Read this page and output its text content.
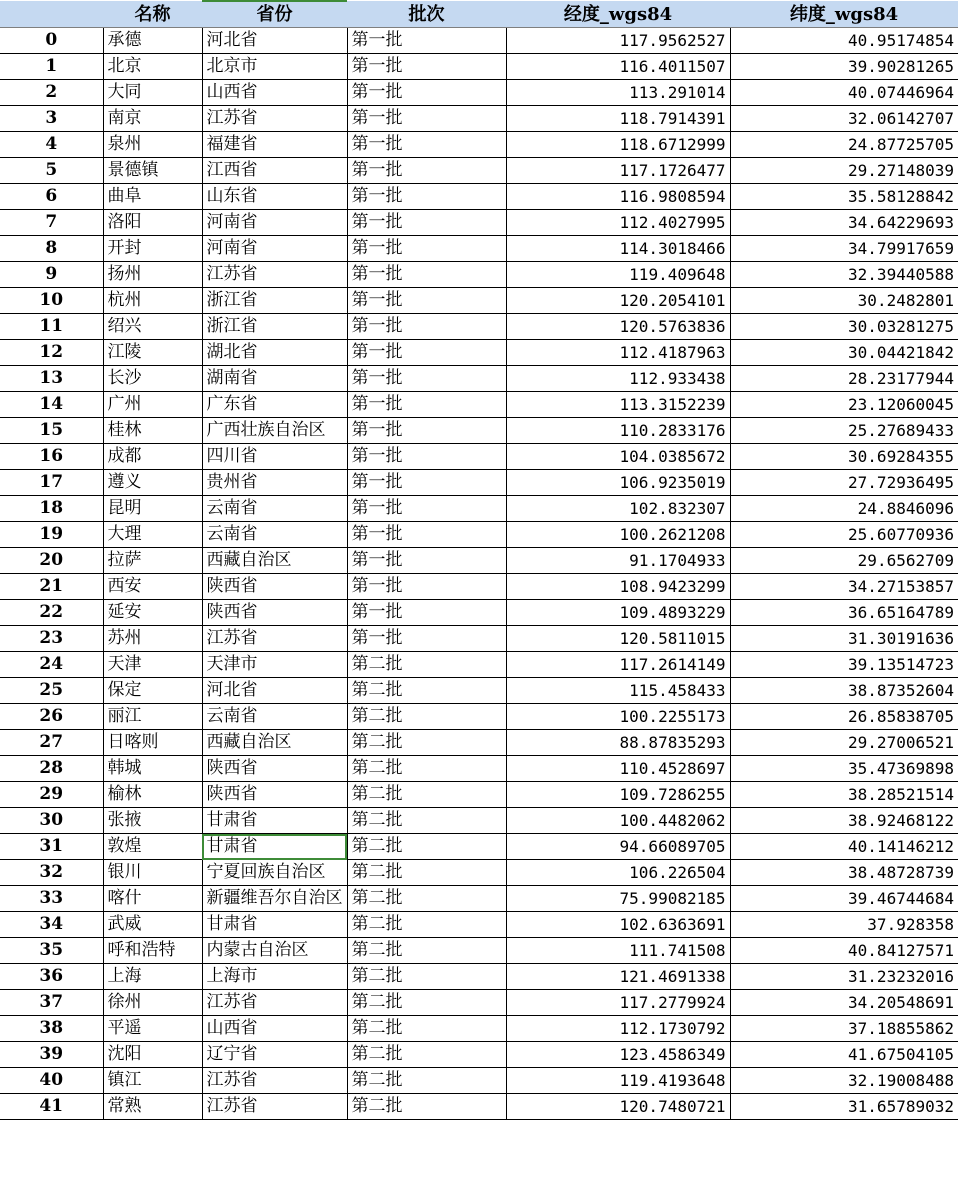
	名称	省份	批次	经度_wgs84	纬度_wgs84
0	承德	河北省	第一批	117.9562527	40.95174854
1	北京	北京市	第一批	116.4011507	39.90281265
2	大同	山西省	第一批	113.291014	40.07446964
3	南京	江苏省	第一批	118.7914391	32.06142707
4	泉州	福建省	第一批	118.6712999	24.87725705
5	景德镇	江西省	第一批	117.1726477	29.27148039
6	曲阜	山东省	第一批	116.9808594	35.58128842
7	洛阳	河南省	第一批	112.4027995	34.64229693
8	开封	河南省	第一批	114.3018466	34.79917659
9	扬州	江苏省	第一批	119.409648	32.39440588
10	杭州	浙江省	第一批	120.2054101	30.2482801
11	绍兴	浙江省	第一批	120.5763836	30.03281275
12	江陵	湖北省	第一批	112.4187963	30.04421842
13	长沙	湖南省	第一批	112.933438	28.23177944
14	广州	广东省	第一批	113.3152239	23.12060045
15	桂林	广西壮族自治区	第一批	110.2833176	25.27689433
16	成都	四川省	第一批	104.0385672	30.69284355
17	遵义	贵州省	第一批	106.9235019	27.72936495
18	昆明	云南省	第一批	102.832307	24.8846096
19	大理	云南省	第一批	100.2621208	25.60770936
20	拉萨	西藏自治区	第一批	91.1704933	29.6562709
21	西安	陕西省	第一批	108.9423299	34.27153857
22	延安	陕西省	第一批	109.4893229	36.65164789
23	苏州	江苏省	第一批	120.5811015	31.30191636
24	天津	天津市	第二批	117.2614149	39.13514723
25	保定	河北省	第二批	115.458433	38.87352604
26	丽江	云南省	第二批	100.2255173	26.85838705
27	日喀则	西藏自治区	第二批	88.87835293	29.27006521
28	韩城	陕西省	第二批	110.4528697	35.47369898
29	榆林	陕西省	第二批	109.7286255	38.28521514
30	张掖	甘肃省	第二批	100.4482062	38.92468122
31	敦煌	甘肃省	第二批	94.66089705	40.14146212
32	银川	宁夏回族自治区	第二批	106.226504	38.48728739
33	喀什	新疆维吾尔自治区	第二批	75.99082185	39.46744684
34	武威	甘肃省	第二批	102.6363691	37.928358
35	呼和浩特	内蒙古自治区	第二批	111.741508	40.84127571
36	上海	上海市	第二批	121.4691338	31.23232016
37	徐州	江苏省	第二批	117.2779924	34.20548691
38	平遥	山西省	第二批	112.1730792	37.18855862
39	沈阳	辽宁省	第二批	123.4586349	41.67504105
40	镇江	江苏省	第二批	119.4193648	32.19008488
41	常熟	江苏省	第二批	120.7480721	31.65789032
